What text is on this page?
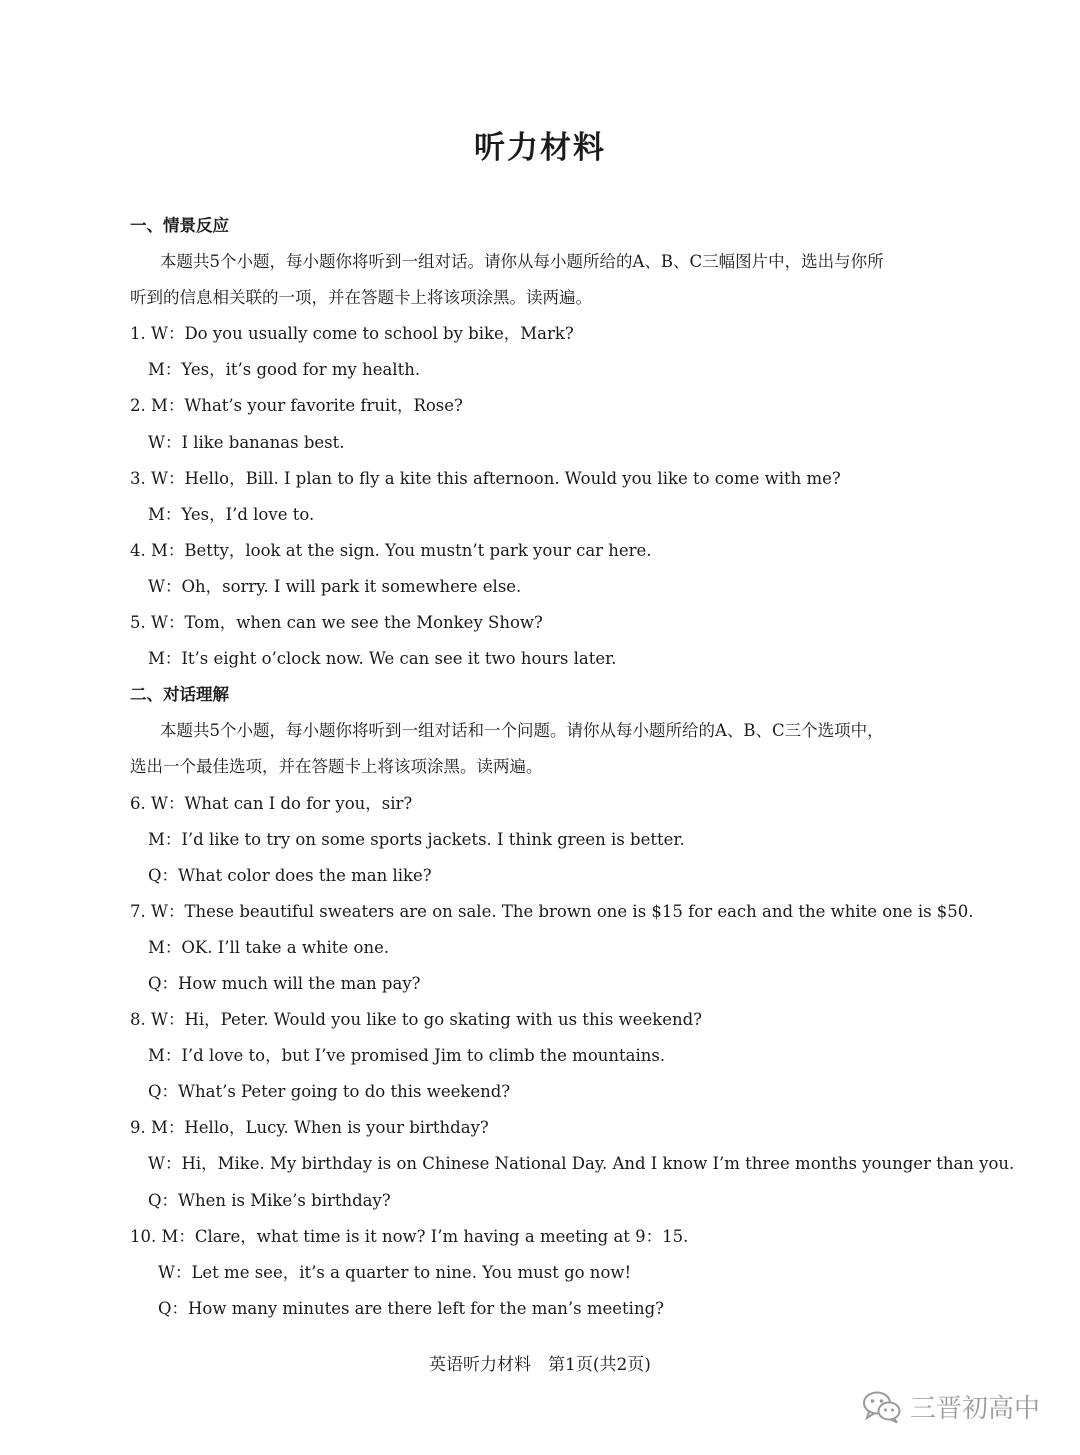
听力材料
一、情景反应
本题共5个小题，每小题你将听到一组对话。请你从每小题所给的A、B、C三幅图片中，选出与你所
听到的信息相关联的一项，并在答题卡上将该项涂黑。读两遍。
1. W：Do you usually come to school by bike，Mark?
M：Yes，it’s good for my health.
2. M：What’s your favorite fruit，Rose?
W：I like bananas best.
3. W：Hello，Bill. I plan to fly a kite this afternoon. Would you like to come with me?
M：Yes，I’d love to.
4. M：Betty，look at the sign. You mustn’t park your car here.
W：Oh，sorry. I will park it somewhere else.
5. W：Tom，when can we see the Monkey Show?
M：It’s eight o’clock now. We can see it two hours later.
二、对话理解
本题共5个小题，每小题你将听到一组对话和一个问题。请你从每小题所给的A、B、C三个选项中，
选出一个最佳选项，并在答题卡上将该项涂黑。读两遍。
6. W：What can I do for you，sir?
M：I’d like to try on some sports jackets. I think green is better.
Q：What color does the man like?
7. W：These beautiful sweaters are on sale. The brown one is $15 for each and the white one is $50.
M：OK. I’ll take a white one.
Q：How much will the man pay?
8. W：Hi，Peter. Would you like to go skating with us this weekend?
M：I’d love to，but I’ve promised Jim to climb the mountains.
Q：What’s Peter going to do this weekend?
9. M：Hello，Lucy. When is your birthday?
W：Hi，Mike. My birthday is on Chinese National Day. And I know I’m three months younger than you.
Q：When is Mike’s birthday?
10. M：Clare，what time is it now? I’m having a meeting at 9：15.
W：Let me see，it’s a quarter to nine. You must go now!
Q：How many minutes are there left for the man’s meeting?
英语听力材料　第1页(共2页)
三晋初高中
